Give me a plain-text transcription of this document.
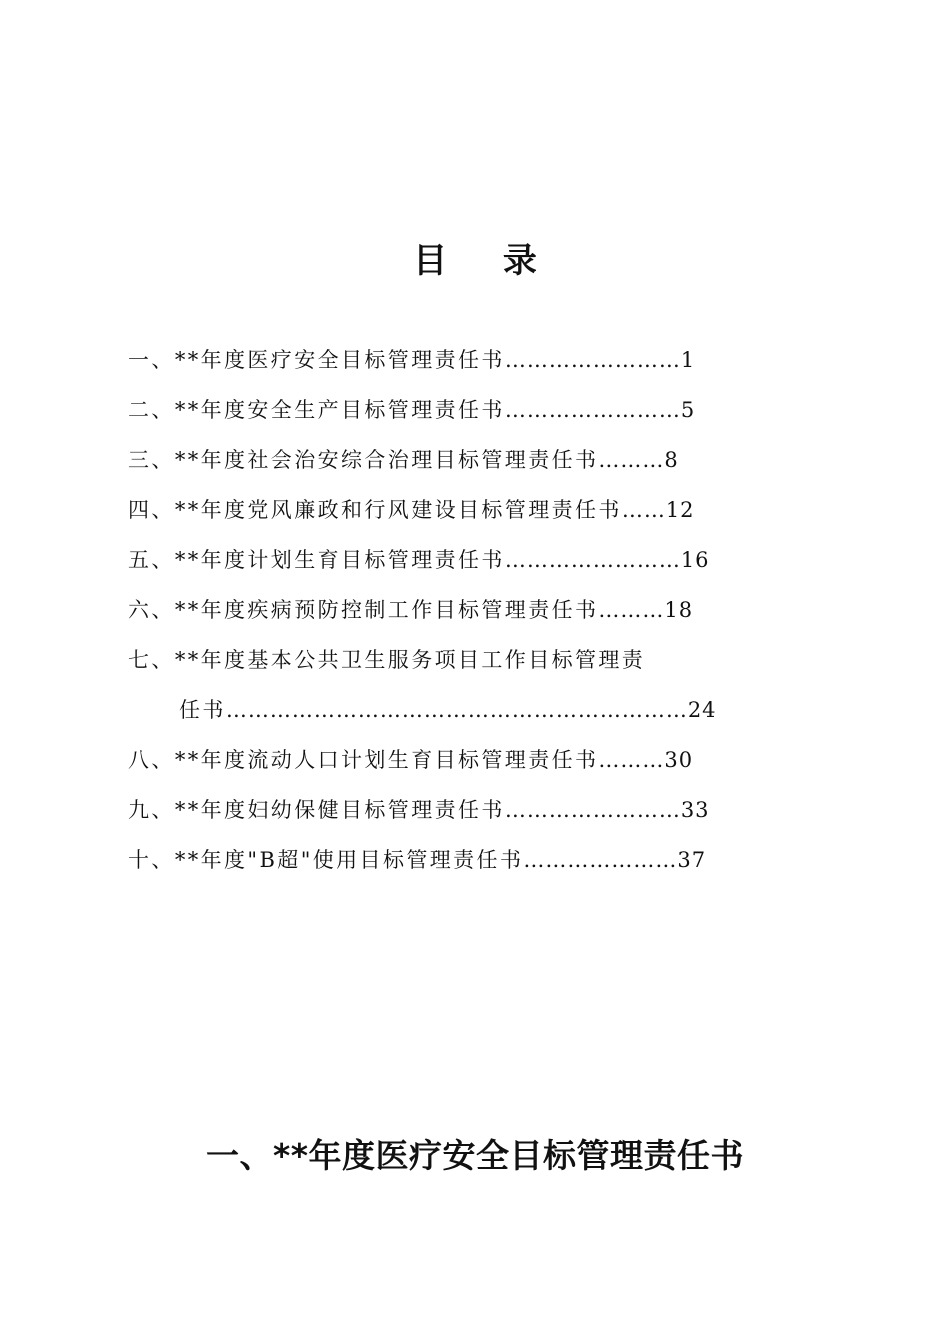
目 录
一、 **年度医疗安全目标管理责任书 …………………… 1
二、 **年度安全生产目标管理责任书 …………………… 5
三、 **年度社会治安综合治理目标管理责任书 ……… 8
四、 **年度党风廉政和行风建设目标管理责任书 …… 12
五、 **年度计划生育目标管理责任书 …………………… 16
六、 **年度疾病预防控制工作目标管理责任书 ……… 18
七、 **年度基本公共卫生服务项目工作目标管理责
任书 ……………………………………………………… 24
八、 **年度流动人口计划生育目标管理责任书 ……… 30
九、 **年度妇幼保健目标管理责任书 …………………… 33
十、 **年度"B超"使用目标管理责任书 ………………… 37
一、**年度医疗安全目标管理责任书
